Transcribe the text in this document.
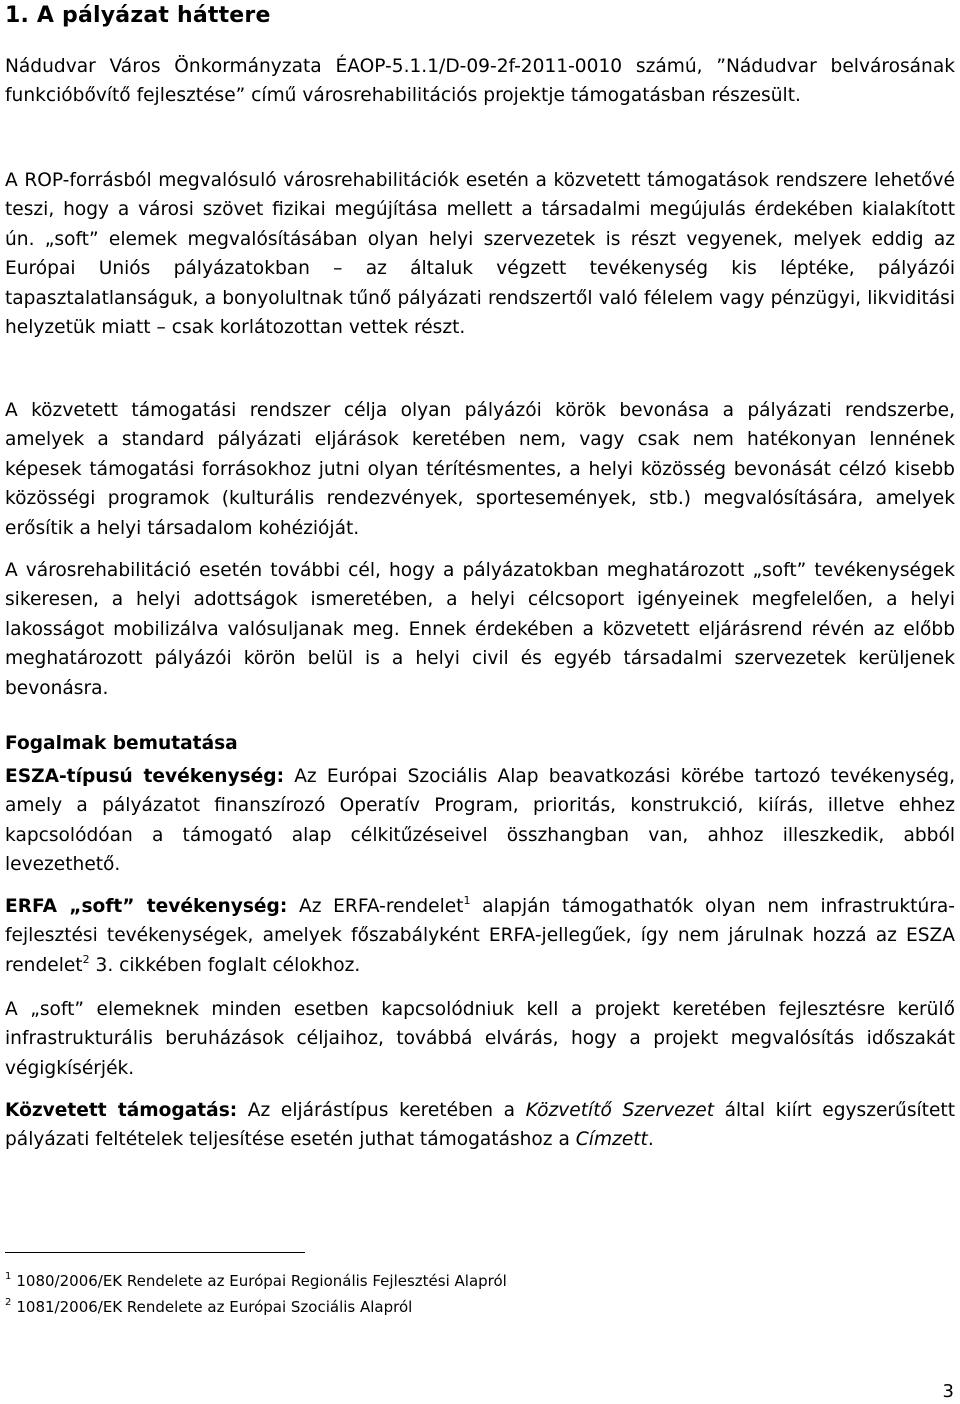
1. A pályázat háttere

Nádudvar Város Önkormányzata ÉAOP-5.1.1/D-09-2f-2011-0010 számú, ”Nádudvar belvárosának funkcióbővítő fejlesztése” című városrehabilitációs projektje támogatásban részesült.

A ROP-forrásból megvalósuló városrehabilitációk esetén a közvetett támogatások rendszere lehetővé teszi, hogy a városi szövet fizikai megújítása mellett a társadalmi megújulás érdekében kialakított ún. „soft” elemek megvalósításában olyan helyi szervezetek is részt vegyenek, melyek eddig az Európai Uniós pályázatokban – az általuk végzett tevékenység kis léptéke, pályázói tapasztalatlanságuk, a bonyolultnak tűnő pályázati rendszertől való félelem vagy pénzügyi, likviditási helyzetük miatt – csak korlátozottan vettek részt.

A közvetett támogatási rendszer célja olyan pályázói körök bevonása a pályázati rendszerbe, amelyek a standard pályázati eljárások keretében nem, vagy csak nem hatékonyan lennének képesek támogatási forrásokhoz jutni olyan térítésmentes, a helyi közösség bevonását célzó kisebb közösségi programok (kulturális rendezvények, sportesemények, stb.) megvalósítására, amelyek erősítik a helyi társadalom kohézióját.

A városrehabilitáció esetén további cél, hogy a pályázatokban meghatározott „soft” tevékenységek sikeresen, a helyi adottságok ismeretében, a helyi célcsoport igényeinek megfelelően, a helyi lakosságot mobilizálva valósuljanak meg. Ennek érdekében a közvetett eljárásrend révén az előbb meghatározott pályázói körön belül is a helyi civil és egyéb társadalmi szervezetek kerüljenek bevonásra.

Fogalmak bemutatása

ESZA-típusú tevékenység: Az Európai Szociális Alap beavatkozási körébe tartozó tevékenység, amely a pályázatot finanszírozó Operatív Program, prioritás, konstrukció, kiírás, illetve ehhez kapcsolódóan a támogató alap célkitűzéseivel összhangban van, ahhoz illeszkedik, abból levezethető.

ERFA „soft” tevékenység: Az ERFA-rendelet$^1$ alapján támogathatók olyan nem infrastruktúra-fejlesztési tevékenységek, amelyek főszabályként ERFA-jellegűek, így nem járulnak hozzá az ESZA rendelet$^2$ 3. cikkében foglalt célokhoz.

A „soft” elemeknek minden esetben kapcsolódniuk kell a projekt keretében fejlesztésre kerülő infrastrukturális beruházások céljaihoz, továbbá elvárás, hogy a projekt megvalósítás időszakát végigkísérjék.

Közvetett támogatás: Az eljárástípus keretében a Közvetítő Szervezet által kiírt egyszerűsített pályázati feltételek teljesítése esetén juthat támogatáshoz a Címzett.

$^1$ 1080/2006/EK Rendelete az Európai Regionális Fejlesztési Alapról

$^2$ 1081/2006/EK Rendelete az Európai Szociális Alapról

3
